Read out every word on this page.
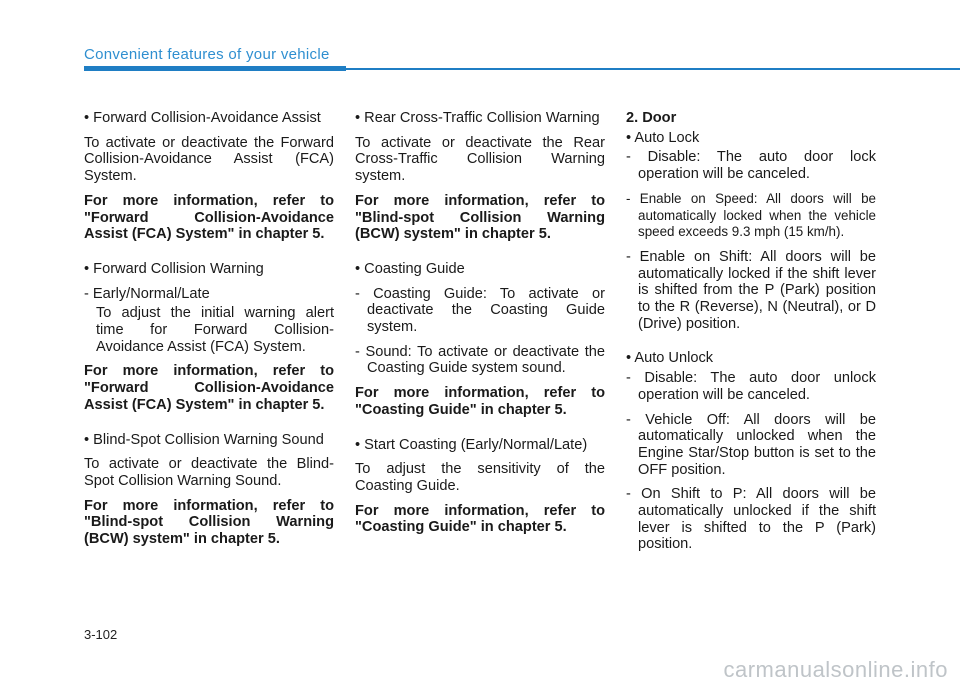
Convenient features of your vehicle

• Forward Collision-Avoidance Assist

To activate or deactivate the Forward Collision-Avoidance Assist (FCA) System.

For more information, refer to "Forward Collision-Avoidance Assist (FCA) System" in chapter 5.

• Forward Collision Warning

- Early/Normal/Late

To adjust the initial warning alert time for Forward Collision-Avoidance Assist (FCA) System.

For more information, refer to "Forward Collision-Avoidance Assist (FCA) System" in chapter 5.

• Blind-Spot Collision Warning Sound

To activate or deactivate the Blind-Spot Collision Warning Sound.

For more information, refer to "Blind-spot Collision Warning (BCW) system" in chapter 5.

• Rear Cross-Traffic Collision Warning

To activate or deactivate the Rear Cross-Traffic Collision Warning system.

For more information, refer to "Blind-spot Collision Warning (BCW) system" in chapter 5.

• Coasting Guide

- Coasting Guide: To activate or deactivate the Coasting Guide system.

- Sound: To activate or deactivate the Coasting Guide system sound.

For more information, refer to "Coasting Guide" in chapter 5.

• Start Coasting (Early/Normal/Late)

To adjust the sensitivity of the Coasting Guide.

For more information, refer to "Coasting Guide" in chapter 5.

2. Door

• Auto Lock

- Disable: The auto door lock operation will be canceled.

- Enable on Speed: All doors will be automatically locked when the vehicle speed exceeds 9.3 mph (15 km/h).

- Enable on Shift: All doors will be automatically locked if the shift lever is shifted from the P (Park) position to the R (Reverse), N (Neutral), or D (Drive) position.

• Auto Unlock

- Disable: The auto door unlock operation will be canceled.

- Vehicle Off: All doors will be automatically unlocked when the Engine Star/Stop button is set to the OFF position.

- On Shift to P: All doors will be automatically unlocked if the shift lever is shifted to the P (Park) position.

3-102
carmanualsonline.info
